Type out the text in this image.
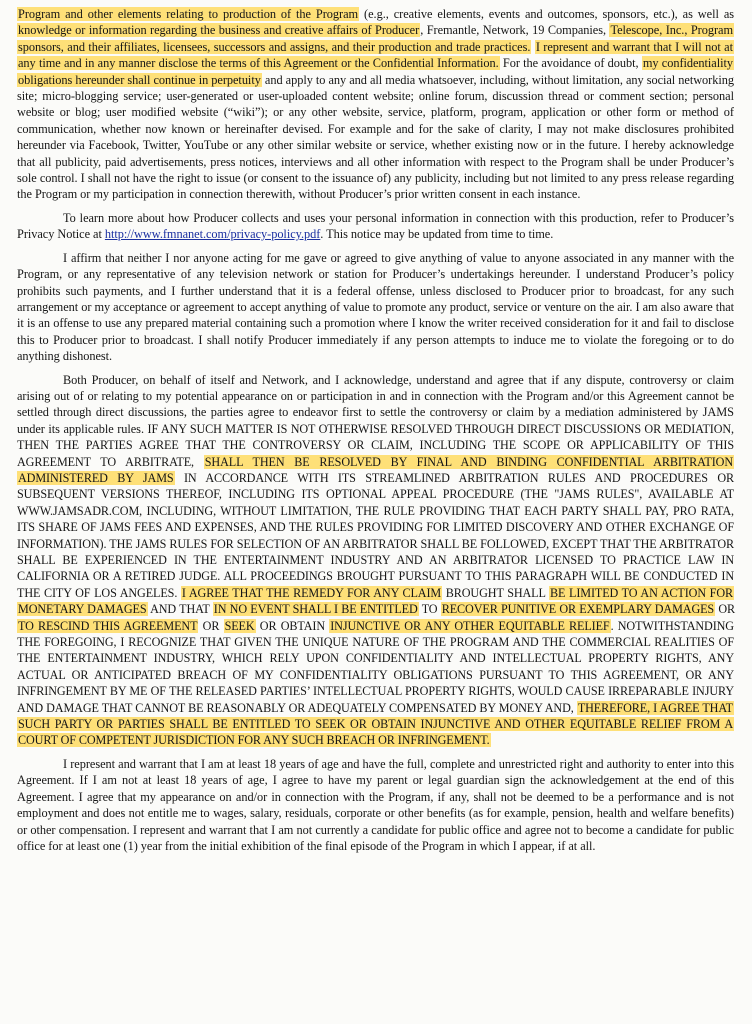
Program and other elements relating to production of the Program (e.g., creative elements, events and outcomes, sponsors, etc.), as well as knowledge or information regarding the business and creative affairs of Producer, Fremantle, Network, 19 Companies, Telescope, Inc., Program sponsors, and their affiliates, licensees, successors and assigns, and their production and trade practices. I represent and warrant that I will not at any time and in any manner disclose the terms of this Agreement or the Confidential Information. For the avoidance of doubt, my confidentiality obligations hereunder shall continue in perpetuity and apply to any and all media whatsoever, including, without limitation, any social networking site; micro-blogging service; user-generated or user-uploaded content website; online forum, discussion thread or comment section; personal website or blog; user modified website (“wiki”); or any other website, service, platform, program, application or other form or method of communication, whether now known or hereinafter devised. For example and for the sake of clarity, I may not make disclosures prohibited hereunder via Facebook, Twitter, YouTube or any other similar website or service, whether existing now or in the future. I hereby acknowledge that all publicity, paid advertisements, press notices, interviews and all other information with respect to the Program shall be under Producer’s sole control. I shall not have the right to issue (or consent to the issuance of) any publicity, including but not limited to any press release regarding the Program or my participation in connection therewith, without Producer’s prior written consent in each instance.

To learn more about how Producer collects and uses your personal information in connection with this production, refer to Producer’s Privacy Notice at http://www.fmnanet.com/privacy-policy.pdf. This notice may be updated from time to time.

I affirm that neither I nor anyone acting for me gave or agreed to give anything of value to anyone associated in any manner with the Program, or any representative of any television network or station for Producer’s undertakings hereunder. I understand Producer’s policy prohibits such payments, and I further understand that it is a federal offense, unless disclosed to Producer prior to broadcast, for any such arrangement or my acceptance or agreement to accept anything of value to promote any product, service or venture on the air. I am also aware that it is an offense to use any prepared material containing such a promotion where I know the writer received consideration for it and fail to disclose this to Producer prior to broadcast. I shall notify Producer immediately if any person attempts to induce me to violate the foregoing or to do anything dishonest.

Both Producer, on behalf of itself and Network, and I acknowledge, understand and agree that if any dispute, controversy or claim arising out of or relating to my potential appearance on or participation in and in connection with the Program and/or this Agreement cannot be settled through direct discussions, the parties agree to endeavor first to settle the controversy or claim by a mediation administered by JAMS under its applicable rules. IF ANY SUCH MATTER IS NOT OTHERWISE RESOLVED THROUGH DIRECT DISCUSSIONS OR MEDIATION, THEN THE PARTIES AGREE THAT THE CONTROVERSY OR CLAIM, INCLUDING THE SCOPE OR APPLICABILITY OF THIS AGREEMENT TO ARBITRATE, SHALL THEN BE RESOLVED BY FINAL AND BINDING CONFIDENTIAL ARBITRATION ADMINISTERED BY JAMS IN ACCORDANCE WITH ITS STREAMLINED ARBITRATION RULES AND PROCEDURES OR SUBSEQUENT VERSIONS THEREOF, INCLUDING ITS OPTIONAL APPEAL PROCEDURE (THE "JAMS RULES", AVAILABLE AT WWW.JAMSADR.COM, INCLUDING, WITHOUT LIMITATION, THE RULE PROVIDING THAT EACH PARTY SHALL PAY, PRO RATA, ITS SHARE OF JAMS FEES AND EXPENSES, AND THE RULES PROVIDING FOR LIMITED DISCOVERY AND OTHER EXCHANGE OF INFORMATION). THE JAMS RULES FOR SELECTION OF AN ARBITRATOR SHALL BE FOLLOWED, EXCEPT THAT THE ARBITRATOR SHALL BE EXPERIENCED IN THE ENTERTAINMENT INDUSTRY AND AN ARBITRATOR LICENSED TO PRACTICE LAW IN CALIFORNIA OR A RETIRED JUDGE. ALL PROCEEDINGS BROUGHT PURSUANT TO THIS PARAGRAPH WILL BE CONDUCTED IN THE CITY OF LOS ANGELES. I AGREE THAT THE REMEDY FOR ANY CLAIM BROUGHT SHALL BE LIMITED TO AN ACTION FOR MONETARY DAMAGES AND THAT IN NO EVENT SHALL I BE ENTITLED TO RECOVER PUNITIVE OR EXEMPLARY DAMAGES OR TO RESCIND THIS AGREEMENT OR SEEK OR OBTAIN INJUNCTIVE OR ANY OTHER EQUITABLE RELIEF. NOTWITHSTANDING THE FOREGOING, I RECOGNIZE THAT GIVEN THE UNIQUE NATURE OF THE PROGRAM AND THE COMMERCIAL REALITIES OF THE ENTERTAINMENT INDUSTRY, WHICH RELY UPON CONFIDENTIALITY AND INTELLECTUAL PROPERTY RIGHTS, ANY ACTUAL OR ANTICIPATED BREACH OF MY CONFIDENTIALITY OBLIGATIONS PURSUANT TO THIS AGREEMENT, OR ANY INFRINGEMENT BY ME OF THE RELEASED PARTIES’ INTELLECTUAL PROPERTY RIGHTS, WOULD CAUSE IRREPARABLE INJURY AND DAMAGE THAT CANNOT BE REASONABLY OR ADEQUATELY COMPENSATED BY MONEY AND, THEREFORE, I AGREE THAT SUCH PARTY OR PARTIES SHALL BE ENTITLED TO SEEK OR OBTAIN INJUNCTIVE AND OTHER EQUITABLE RELIEF FROM A COURT OF COMPETENT JURISDICTION FOR ANY SUCH BREACH OR INFRINGEMENT.

I represent and warrant that I am at least 18 years of age and have the full, complete and unrestricted right and authority to enter into this Agreement. If I am not at least 18 years of age, I agree to have my parent or legal guardian sign the acknowledgement at the end of this Agreement. I agree that my appearance on and/or in connection with the Program, if any, shall not be deemed to be a performance and is not employment and does not entitle me to wages, salary, residuals, corporate or other benefits (as for example, pension, health and welfare benefits) or other compensation. I represent and warrant that I am not currently a candidate for public office and agree not to become a candidate for public office for at least one (1) year from the initial exhibition of the final episode of the Program in which I appear, if at all.
